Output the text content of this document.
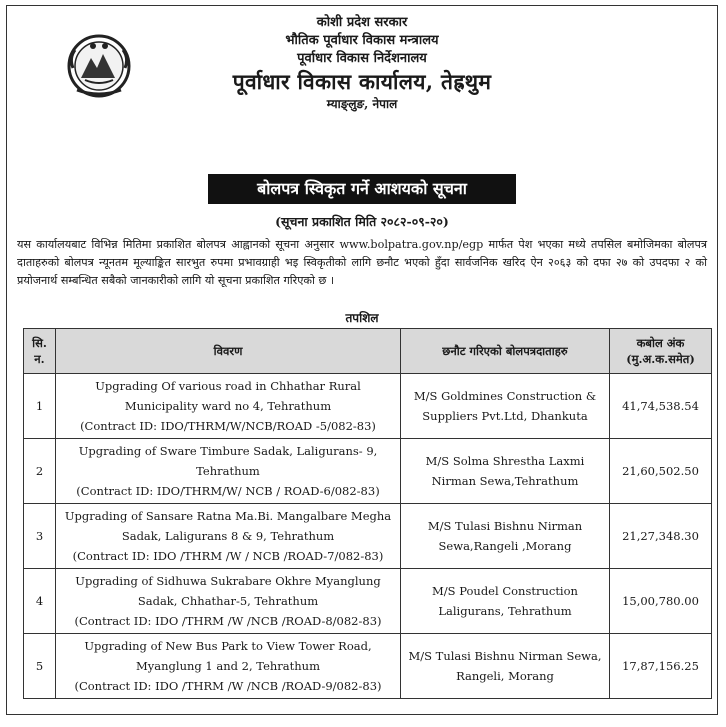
कोशी प्रदेश सरकार
भौतिक पूर्वाधार विकास मन्त्रालय
पूर्वाधार विकास निर्देशनालय
पूर्वाधार विकास कार्यालय, तेह्रथुम
म्याङ्लुङ, नेपाल
बोलपत्र स्विकृत गर्ने आशयको सूचना
(सूचना प्रकाशित मिति २०८२-०९-२०)
यस कार्यालयबाट विभिन्न मितिमा प्रकाशित बोलपत्र आह्वानको सूचना अनुसार www.bolpatra.gov.np/egp मार्फत पेश भएका मध्ये तपसिल बमोजिमका बोलपत्र दाताहरुको बोलपत्र न्यूनतम मूल्याङ्कित सारभुत रुपमा प्रभावग्राही भइ स्विकृतीको लागि छनौट भएको हुँदा सार्वजनिक खरिद ऐन २०६३ को दफा २७ को उपदफा २ को प्रयोजनार्थ सम्बन्धित सबैको जानकारीको लागि यो सूचना प्रकाशित गरिएको छ ।
तपशिल
सि. न.	विवरण	छनौट गरिएको बोलपत्रदाताहरु	कबोल अंक
(मु.अ.क.समेत)

1	Upgrading Of various road in Chhathar Rural
Municipality ward no 4, Tehrathum
(Contract ID: IDO/THRM/W/NCB/ROAD -5/082-83)	M/S Goldmines Construction &
Suppliers Pvt.Ltd, Dhankuta	41,74,538.54
2	Upgrading of Sware Timbure Sadak, Laligurans- 9,
Tehrathum
(Contract ID: IDO/THRM/W/ NCB / ROAD-6/082-83)	M/S Solma Shrestha Laxmi
Nirman Sewa,Tehrathum	21,60,502.50
3	Upgrading of Sansare Ratna Ma.Bi. Mangalbare Megha
Sadak, Laligurans 8 & 9, Tehrathum
(Contract ID: IDO /THRM /W / NCB /ROAD-7/082-83)	M/S Tulasi Bishnu Nirman
Sewa,Rangeli ,Morang	21,27,348.30
4	Upgrading of Sidhuwa Sukrabare Okhre Myanglung
Sadak, Chhathar-5, Tehrathum
(Contract ID: IDO /THRM /W /NCB /ROAD-8/082-83)	M/S Poudel Construction
Laligurans, Tehrathum	15,00,780.00
5	Upgrading of New Bus Park to View Tower Road,
Myanglung 1 and 2, Tehrathum
(Contract ID: IDO /THRM /W /NCB /ROAD-9/082-83)	M/S Tulasi Bishnu Nirman Sewa,
Rangeli, Morang	17,87,156.25
